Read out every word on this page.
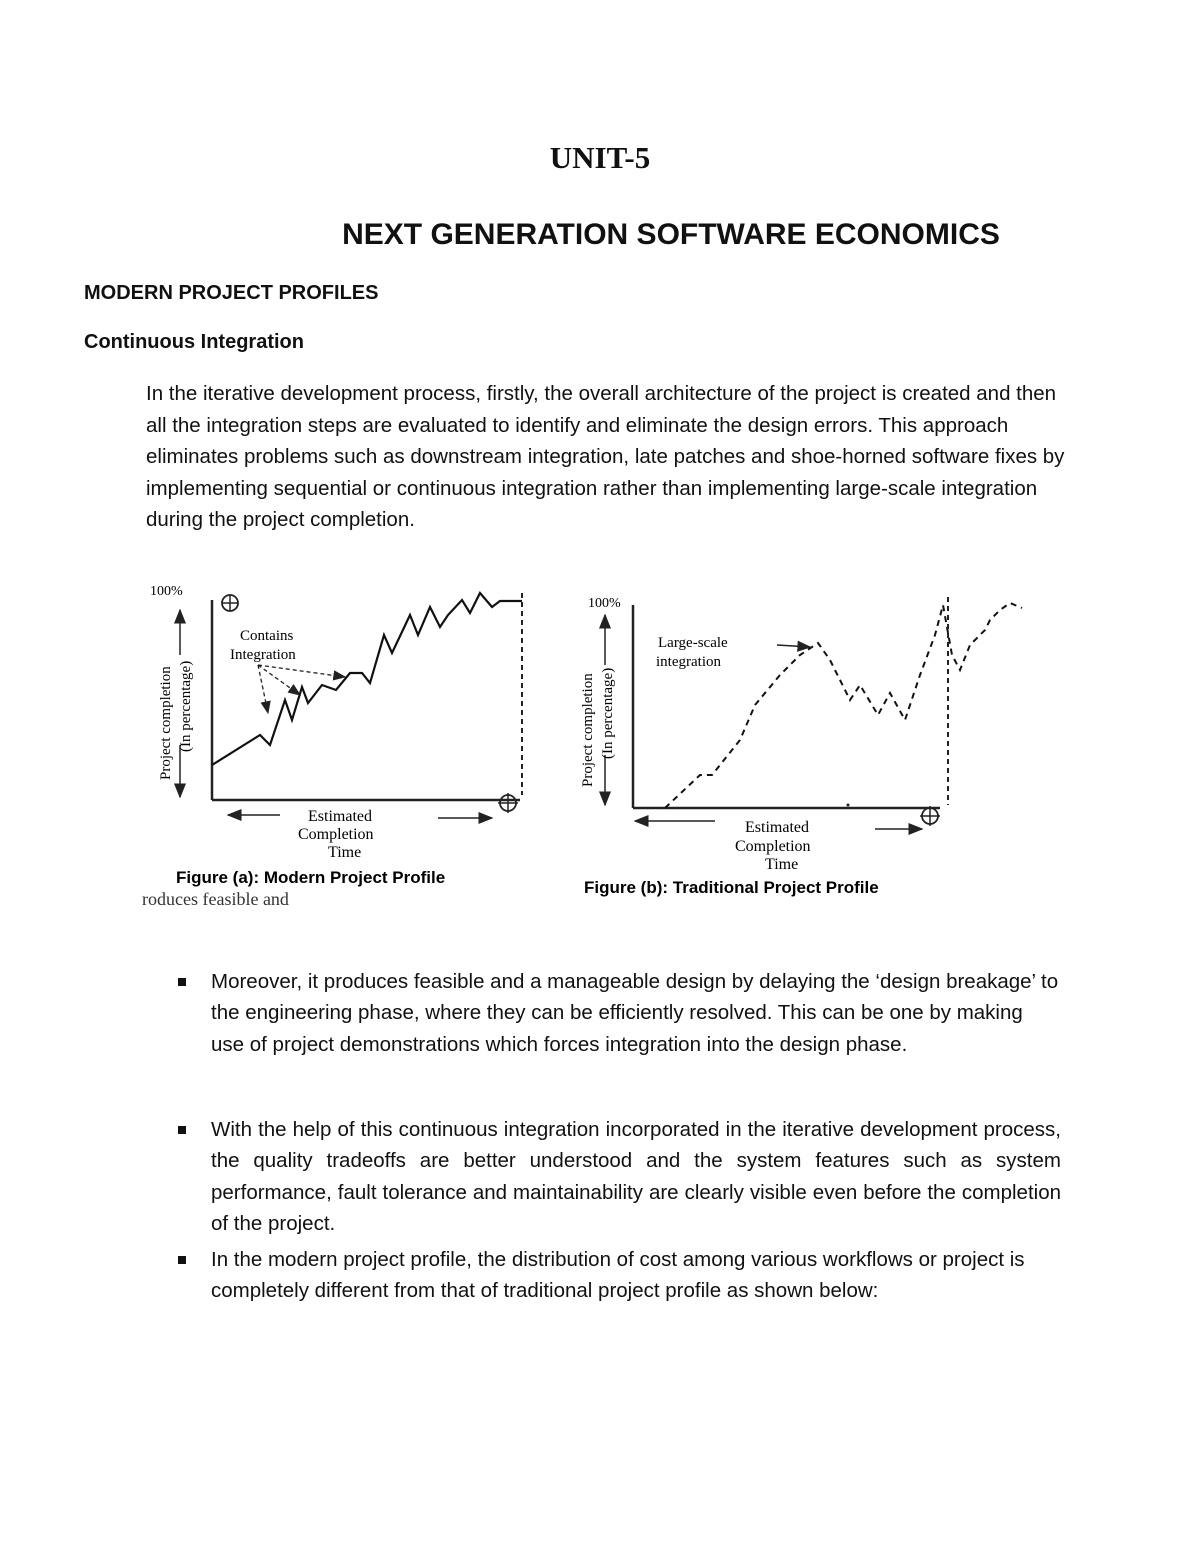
UNIT-5
NEXT GENERATION SOFTWARE ECONOMICS
MODERN PROJECT PROFILES
Continuous Integration

In the iterative development process, firstly, the overall architecture of the project is created and then all the integration steps are evaluated to identify and eliminate the design errors. This approach eliminates problems such as downstream integration, late patches and shoe-horned software fixes by implementing sequential or continuous integration rather than implementing large-scale integration during the project completion.

100%
Project completion (In percentage)
Contains
Integration
Estimated
Completion
Time
Figure (a): Modern Project Profile
roduces feasible and
100%
Project completion (In percentage)
Large-scale
integration
Estimated
Completion
Time
Figure (b): Traditional Project Profile

Moreover, it produces feasible and a manageable design by delaying the ‘design breakage’ to the engineering phase, where they can be efficiently resolved. This can be one by making use of project demonstrations which forces integration into the design phase.

With the help of this continuous integration incorporated in the iterative development process, the quality tradeoffs are better understood and the system features such as system performance, fault tolerance and maintainability are clearly visible even before the completion of the project.

In the modern project profile, the distribution of cost among various workflows or project is completely different from that of traditional project profile as shown below:
